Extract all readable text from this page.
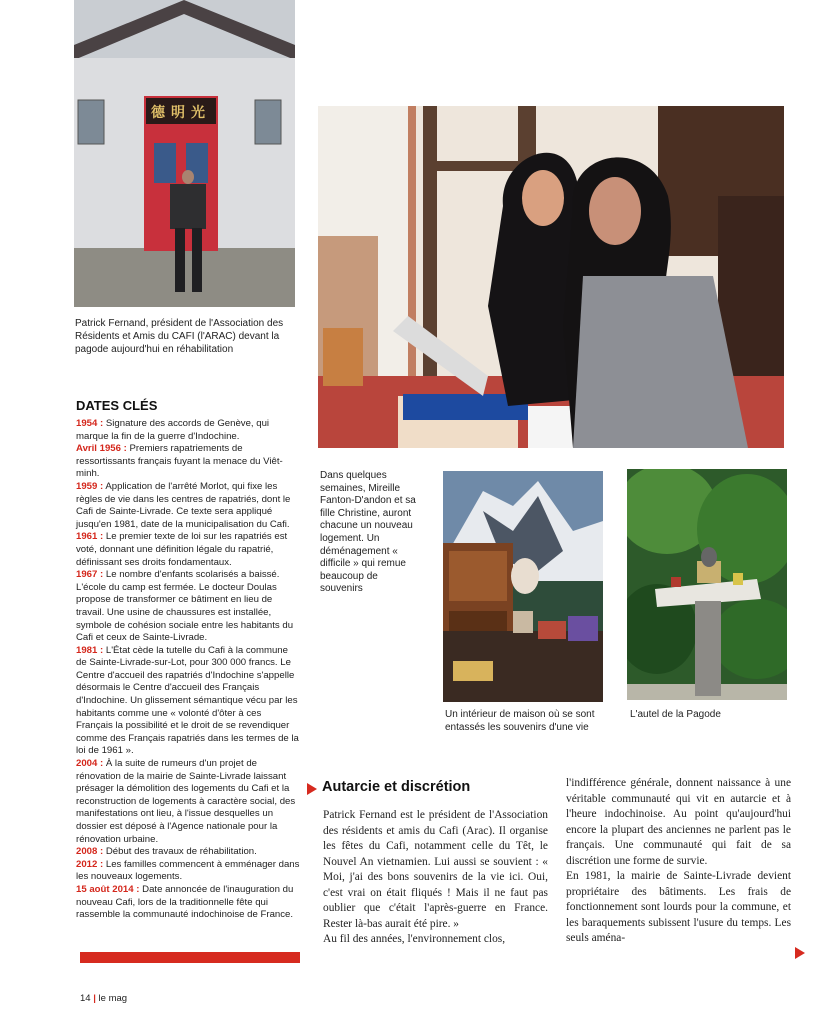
德明光
Patrick Fernand, président de l'Association des Résidents et Amis du CAFI (l'ARAC) devant la pagode aujourd'hui en réhabilitation
Dans quelques semaines, Mireille Fanton-D'andon et sa fille Christine, auront chacune un nouveau logement. Un déménagement « difficile » qui remue beaucoup de souvenirs
Un intérieur de maison où se sont entassés les souvenirs d'une vie
L'autel de la Pagode
DATES CLÉS

1954 : Signature des accords de Genève, qui marque la fin de la guerre d'Indochine.

Avril 1956 : Premiers rapatriements de ressortissants français fuyant la menace du Viêt-minh.

1959 : Application de l'arrêté Morlot, qui fixe les règles de vie dans les centres de rapatriés, dont le Cafi de Sainte-Livrade. Ce texte sera appliqué jusqu'en 1981, date de la municipalisation du Cafi.

1961 : Le premier texte de loi sur les rapatriés est voté, donnant une définition légale du rapatrié, définissant ses droits fondamentaux.

1967 : Le nombre d'enfants scolarisés a baissé. L'école du camp est fermée. Le docteur Doulas propose de transformer ce bâtiment en lieu de travail. Une usine de chaussures est installée, symbole de cohésion sociale entre les habitants du Cafi et ceux de Sainte-Livrade.

1981 : L'État cède la tutelle du Cafi à la commune de Sainte-Livrade-sur-Lot, pour 300 000 francs. Le Centre d'accueil des rapatriés d'Indochine s'appelle désormais le Centre d'accueil des Français d'Indochine. Un glissement sémantique vécu par les habitants comme une « volonté d'ôter à ces Français la possibilité et le droit de se revendiquer comme des Français rapatriés dans les termes de la loi de 1961 ».

2004 : À la suite de rumeurs d'un projet de rénovation de la mairie de Sainte-Livrade laissant présager la démolition des logements du Cafi et la reconstruction de logements à caractère social, des manifestations ont lieu, à l'issue desquelles un dossier est déposé à l'Agence nationale pour la rénovation urbaine.

2008 : Début des travaux de réhabilitation.

2012 : Les familles commencent à emménager dans les nouveaux logements.

15 août 2014 : Date annoncée de l'inauguration du nouveau Cafi, lors de la traditionnelle fête qui rassemble la communauté indochinoise de France.

Autarcie et discrétion

Patrick Fernand est le président de l'Association des résidents et amis du Cafi (Arac). Il organise les fêtes du Cafi, notamment celle du Têt, le Nouvel An vietnamien. Lui aussi se souvient : « Moi, j'ai des bons souvenirs de la vie ici. Oui, c'est vrai on était fliqués ! Mais il ne faut pas oublier que c'était l'après-guerre en France. Rester là-bas aurait été pire. »

Au fil des années, l'environnement clos,

l'indifférence générale, donnent naissance à une véritable communauté qui vit en autarcie et à l'heure indochinoise. Au point qu'aujourd'hui encore la plupart des anciennes ne parlent pas le français. Une communauté qui fait de sa discrétion une forme de survie.

En 1981, la mairie de Sainte-Livrade devient propriétaire des bâtiments. Les frais de fonctionnement sont lourds pour la commune, et les baraquements subissent l'usure du temps. Les seuls aména-

14 | le mag
